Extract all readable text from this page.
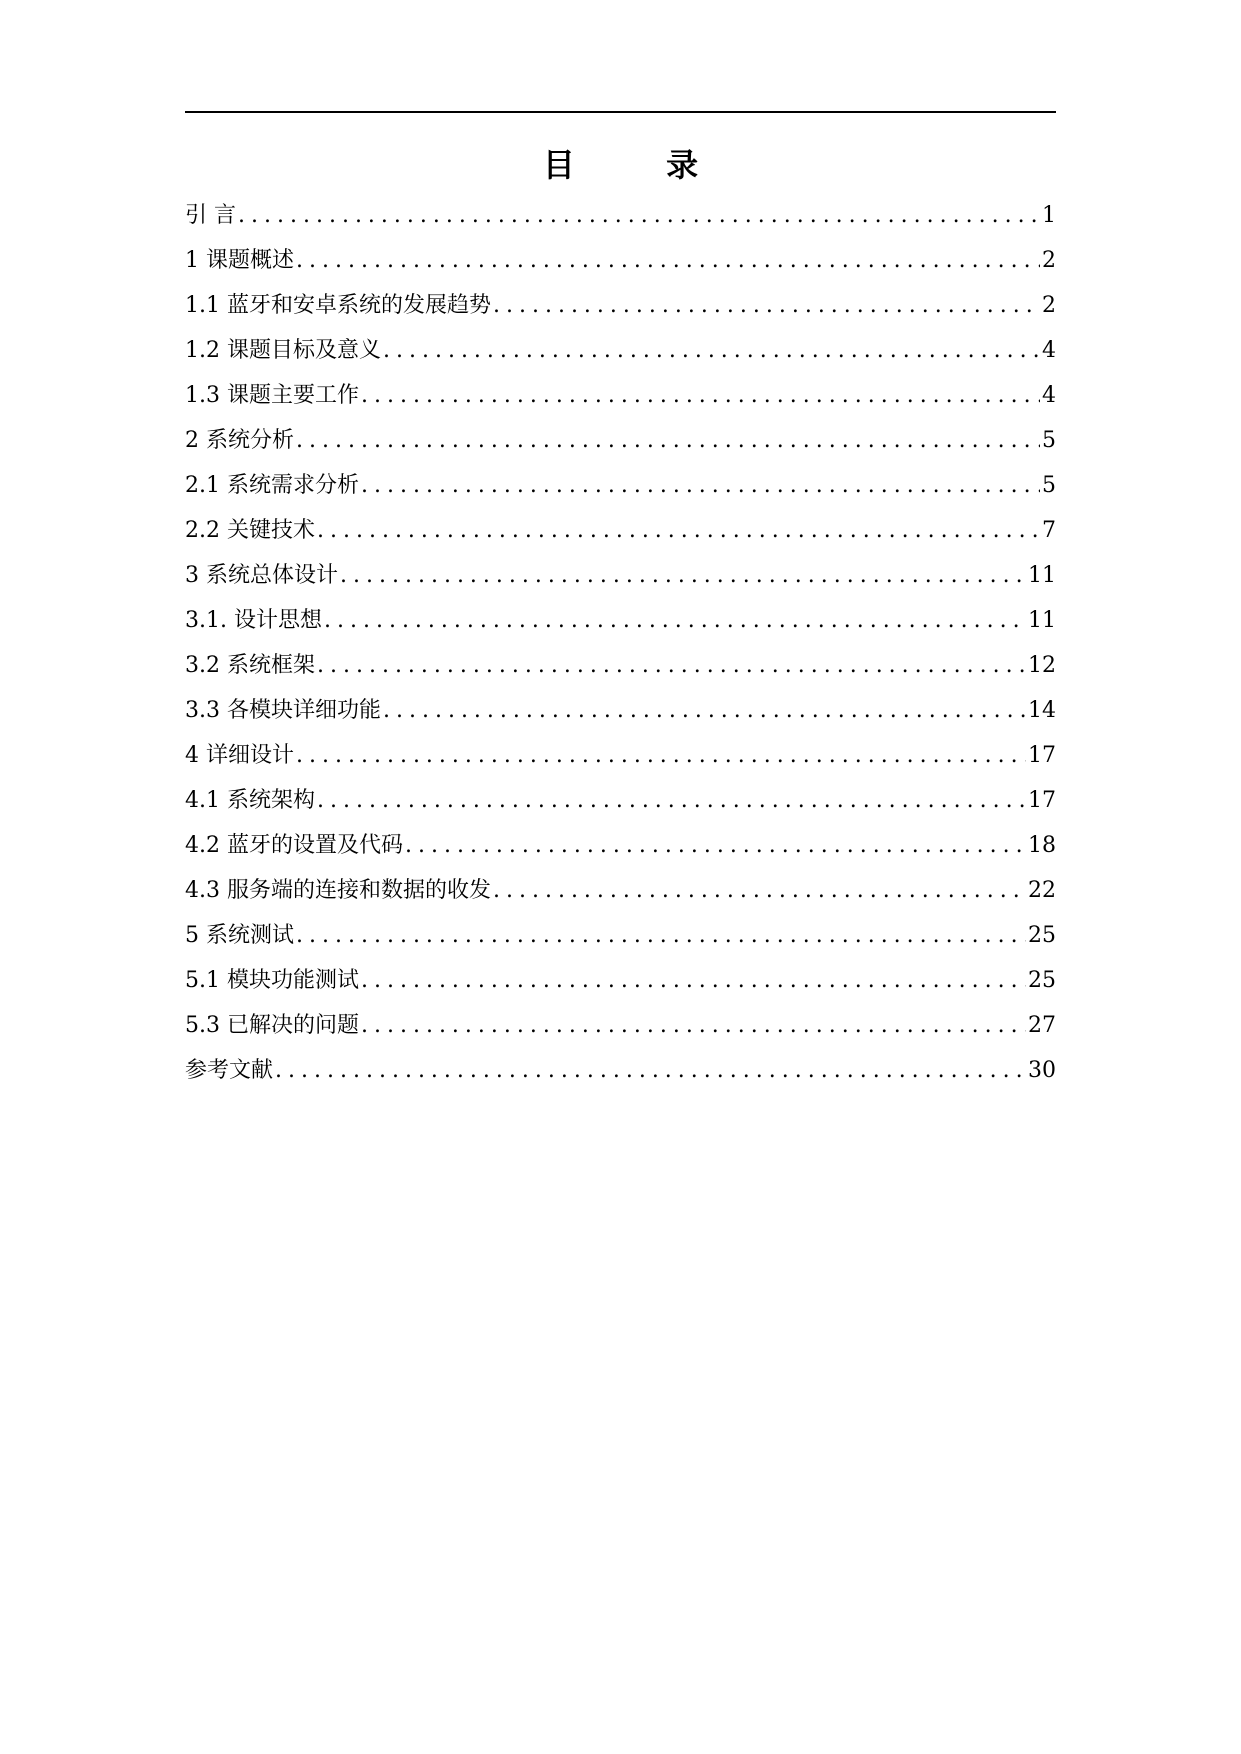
目 录
引 言 .....	1
1 课题概述 .....	2
1.1 蓝牙和安卓系统的发展趋势 .....	2
1.2 课题目标及意义 .....	4
1.3 课题主要工作 .....	4
2 系统分析 .....	5
2.1 系统需求分析 .....	5
2.2 关键技术 .....	7
3 系统总体设计 .....	11
3.1. 设计思想 .....	11
3.2 系统框架 .....	12
3.3 各模块详细功能 .....	14
4 详细设计 .....	17
4.1 系统架构 .....	17
4.2 蓝牙的设置及代码 .....	18
4.3 服务端的连接和数据的收发 .....	22
5 系统测试 .....	25
5.1 模块功能测试 .....	25
5.3 已解决的问题 .....	27
参考文献 .....	30
